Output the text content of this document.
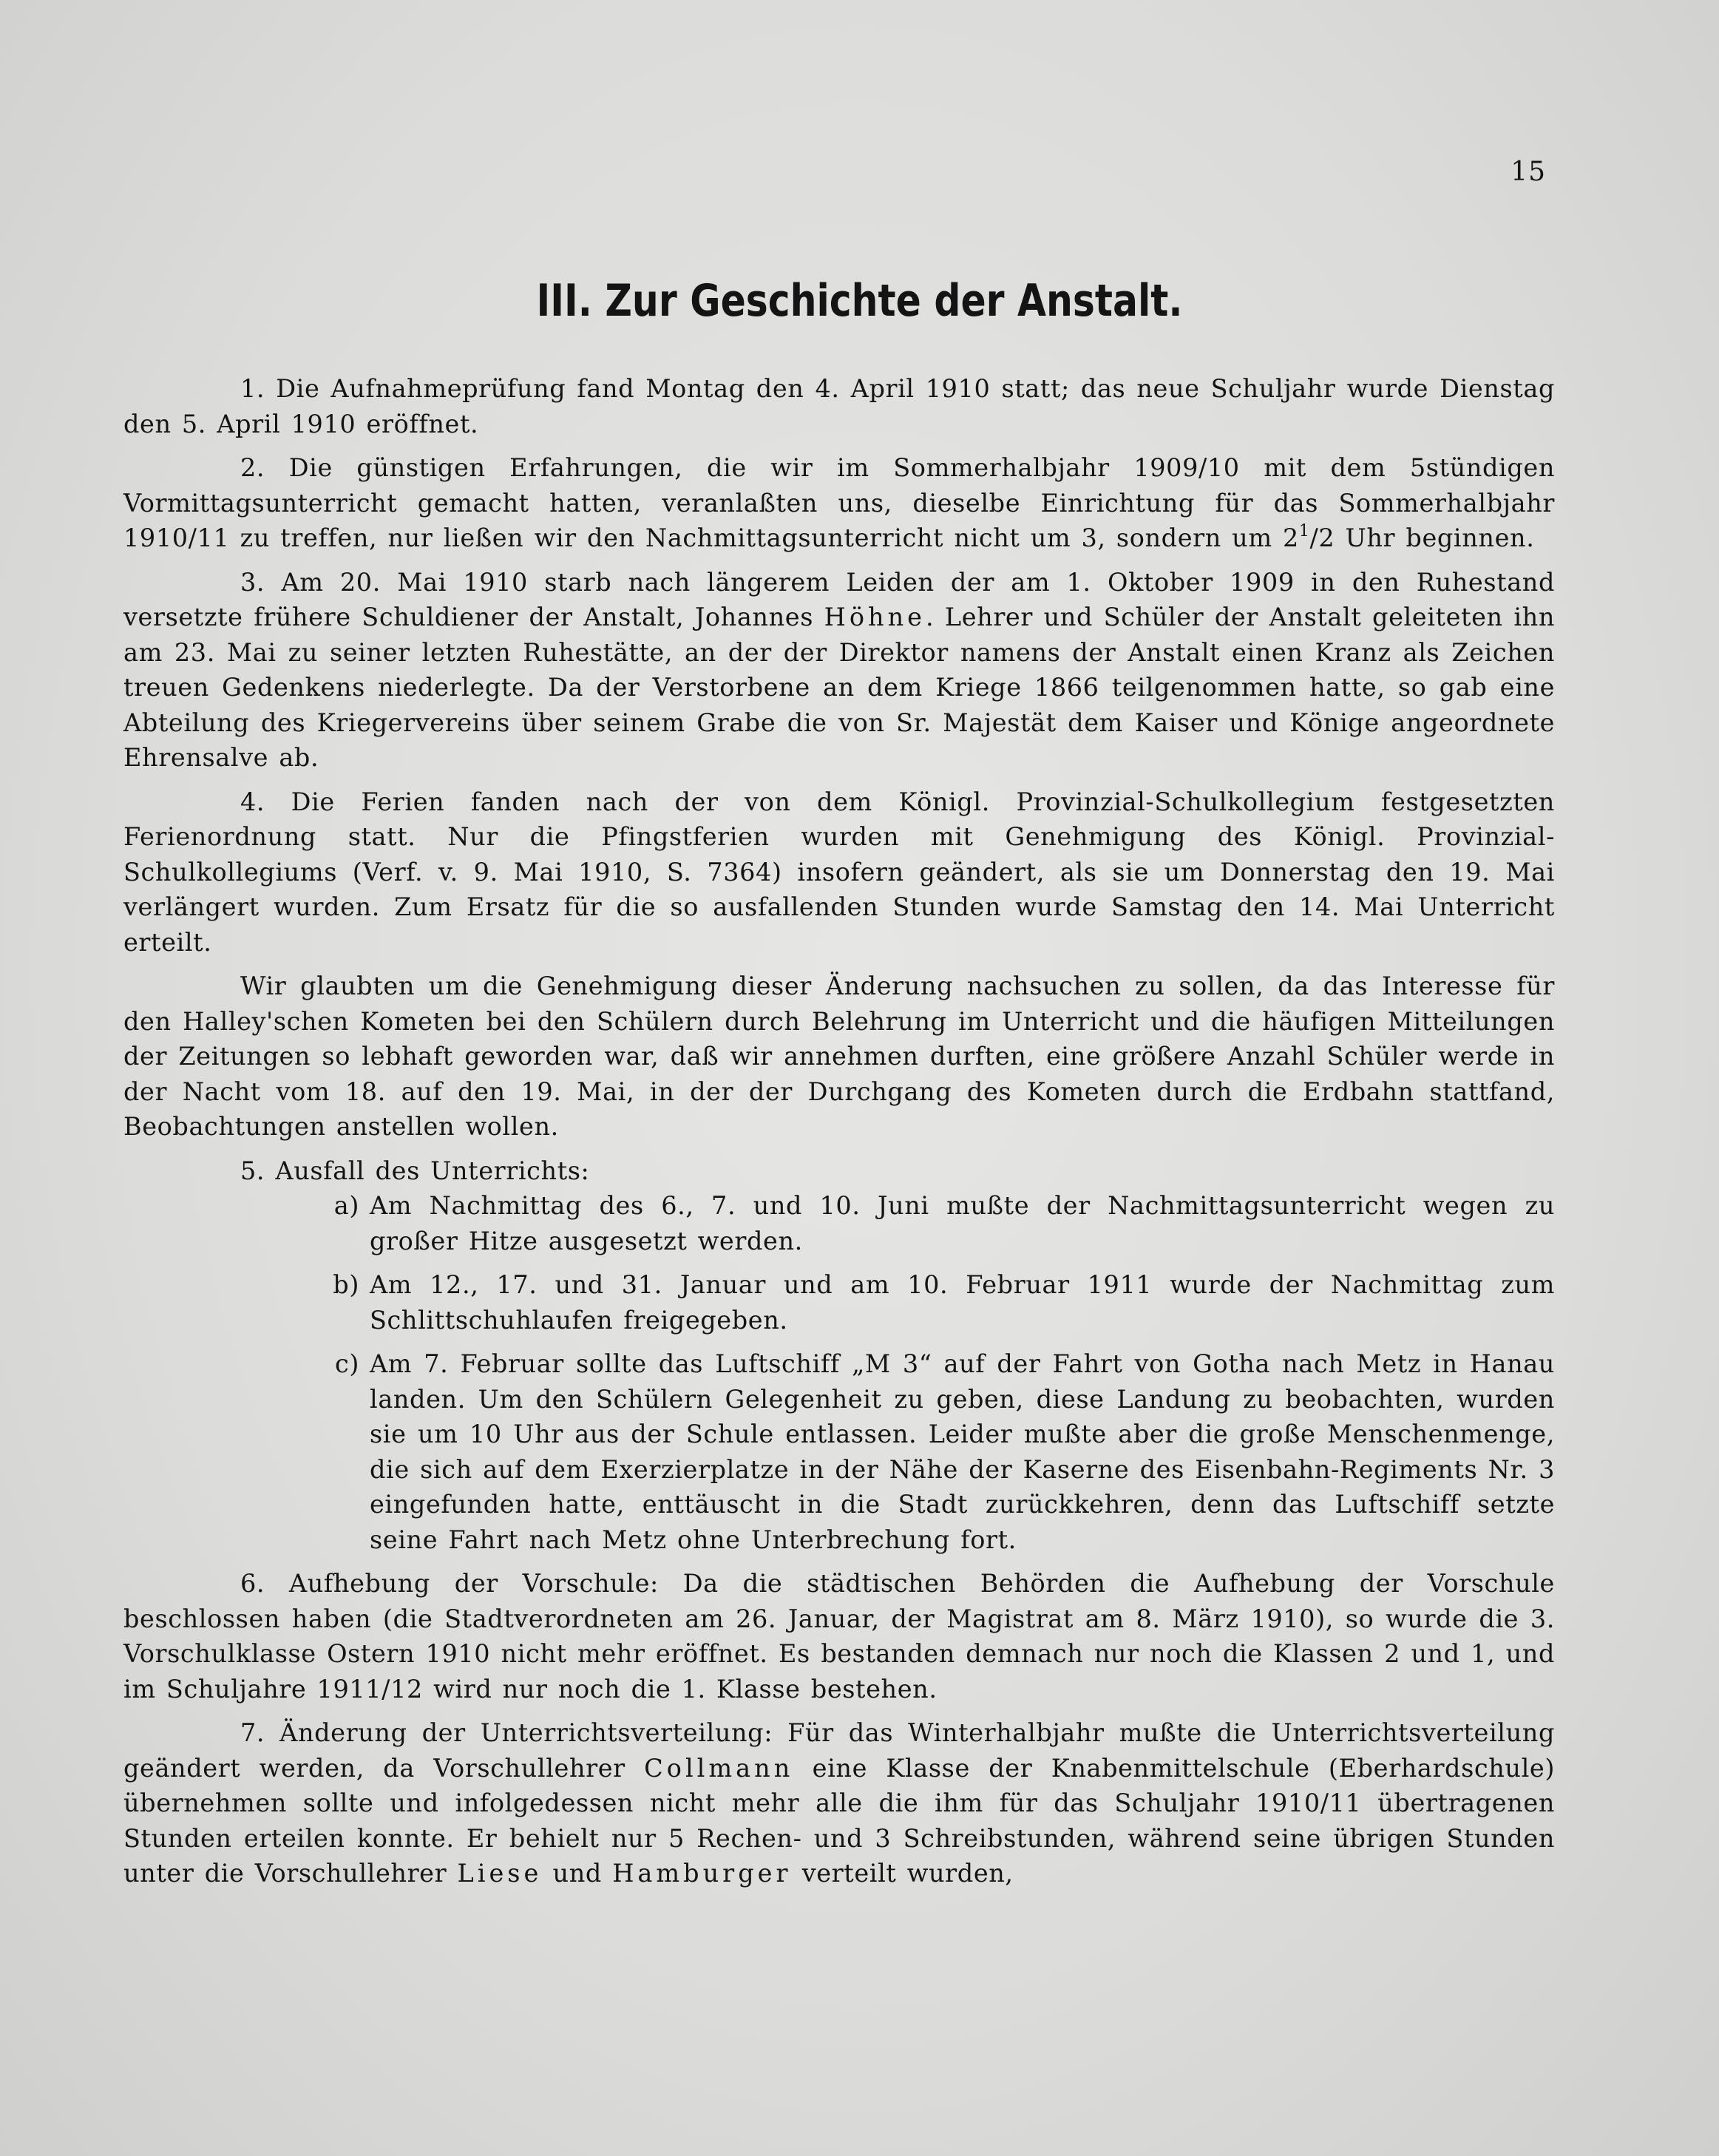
15
III. Zur Geschichte der Anstalt.

1. Die Aufnahmeprüfung fand Montag den 4. April 1910 statt; das neue Schuljahr wurde Dienstag den 5. April 1910 eröffnet.

2. Die günstigen Erfahrungen, die wir im Sommerhalbjahr 1909/10 mit dem 5stündigen Vormittagsunterricht gemacht hatten, veranlaßten uns, dieselbe Einrichtung für das Sommerhalbjahr 1910/11 zu treffen, nur ließen wir den Nachmittagsunterricht nicht um 3, sondern um $2^1/2$ Uhr beginnen.

3. Am 20. Mai 1910 starb nach längerem Leiden der am 1. Oktober 1909 in den Ruhestand versetzte frühere Schuldiener der Anstalt, Johannes Höhne. Lehrer und Schüler der Anstalt geleiteten ihn am 23. Mai zu seiner letzten Ruhestätte, an der der Direktor namens der Anstalt einen Kranz als Zeichen treuen Gedenkens niederlegte. Da der Verstorbene an dem Kriege 1866 teilgenommen hatte, so gab eine Abteilung des Kriegervereins über seinem Grabe die von Sr. Majestät dem Kaiser und Könige angeordnete Ehrensalve ab.

4. Die Ferien fanden nach der von dem Königl. Provinzial-Schulkollegium festgesetzten Ferienordnung statt. Nur die Pfingstferien wurden mit Genehmigung des Königl. Provinzial-Schulkollegiums (Verf. v. 9. Mai 1910, S. 7364) insofern geändert, als sie um Donnerstag den 19. Mai verlängert wurden. Zum Ersatz für die so ausfallenden Stunden wurde Samstag den 14. Mai Unterricht erteilt.

Wir glaubten um die Genehmigung dieser Änderung nachsuchen zu sollen, da das Interesse für den Halley'schen Kometen bei den Schülern durch Belehrung im Unterricht und die häufigen Mitteilungen der Zeitungen so lebhaft geworden war, daß wir annehmen durften, eine größere Anzahl Schüler werde in der Nacht vom 18. auf den 19. Mai, in der der Durchgang des Kometen durch die Erdbahn stattfand, Beobachtungen anstellen wollen.

5. Ausfall des Unterrichts:

a) Am Nachmittag des 6., 7. und 10. Juni mußte der Nachmittagsunterricht wegen zu großer Hitze ausgesetzt werden.
b) Am 12., 17. und 31. Januar und am 10. Februar 1911 wurde der Nachmittag zum Schlittschuhlaufen freigegeben.
c) Am 7. Februar sollte das Luftschiff „M 3“ auf der Fahrt von Gotha nach Metz in Hanau landen. Um den Schülern Gelegenheit zu geben, diese Landung zu beobachten, wurden sie um 10 Uhr aus der Schule entlassen. Leider mußte aber die große Menschenmenge, die sich auf dem Exerzierplatze in der Nähe der Kaserne des Eisenbahn-Regiments Nr. 3 eingefunden hatte, enttäuscht in die Stadt zurückkehren, denn das Luftschiff setzte seine Fahrt nach Metz ohne Unterbrechung fort.

6. Aufhebung der Vorschule: Da die städtischen Behörden die Aufhebung der Vorschule beschlossen haben (die Stadtverordneten am 26. Januar, der Magistrat am 8. März 1910), so wurde die 3. Vorschulklasse Ostern 1910 nicht mehr eröffnet. Es bestanden demnach nur noch die Klassen 2 und 1, und im Schuljahre 1911/12 wird nur noch die 1. Klasse bestehen.

7. Änderung der Unterrichtsverteilung: Für das Winterhalbjahr mußte die Unterrichtsverteilung geändert werden, da Vorschullehrer Collmann eine Klasse der Knabenmittelschule (Eberhardschule) übernehmen sollte und infolgedessen nicht mehr alle die ihm für das Schuljahr 1910/11 übertragenen Stunden erteilen konnte. Er behielt nur 5 Rechen- und 3 Schreibstunden, während seine übrigen Stunden unter die Vorschullehrer Liese und Hamburger verteilt wurden,
